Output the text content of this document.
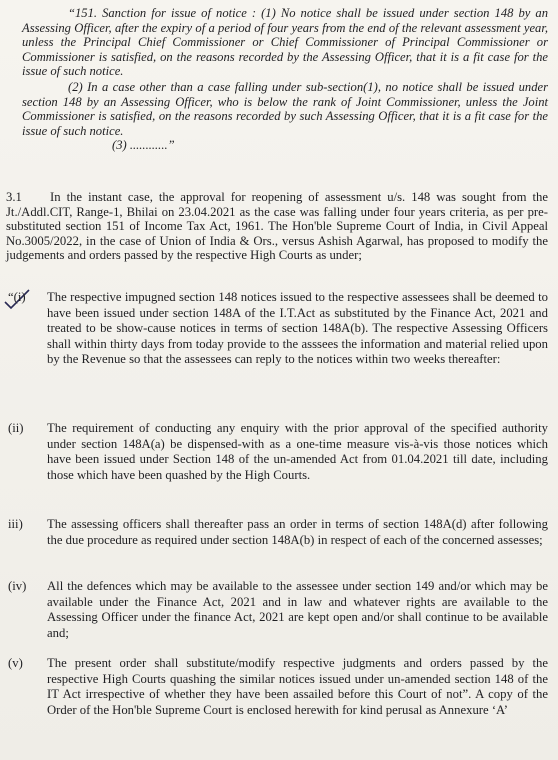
“151. Sanction for issue of notice : (1) No notice shall be issued under section 148 by an Assessing Officer, after the expiry of a period of four years from the end of the relevant assessment year, unless the Principal Chief Commissioner or Chief Commissioner of Principal Commissioner or Commissioner is satisfied, on the reasons recorded by the Assessing Officer, that it is a fit case for the issue of such notice.

(2) In a case other than a case falling under sub-section(1), no notice shall be issued under section 148 by an Assessing Officer, who is below the rank of Joint Commissioner, unless the Joint Commissioner is satisfied, on the reasons recorded by such Assessing Officer, that it is a fit case for the issue of such notice.

(3) ............”

3.1 In the instant case, the approval for reopening of assessment u/s. 148 was sought from the Jt./Addl.CIT, Range-1, Bhilai on 23.04.2021 as the case was falling under four years criteria, as per pre-substituted section 151 of Income Tax Act, 1961. The Hon'ble Supreme Court of India, in Civil Appeal No.3005/2022, in the case of Union of India & Ors., versus Ashish Agarwal, has proposed to modify the judgements and orders passed by the respective High Courts as under;
“(i)	The respective impugned section 148 notices issued to the respective assessees shall be deemed to have been issued under section 148A of the I.T.Act as substituted by the Finance Act, 2021 and treated to be show-cause notices in terms of section 148A(b). The respective Assessing Officers shall within thirty days from today provide to the asssees the information and material relied upon by the Revenue so that the assessees can reply to the notices within two weeks thereafter:
(ii)	The requirement of conducting any enquiry with the prior approval of the specified authority under section 148A(a) be dispensed-with as a one-time measure vis-à-vis those notices which have been issued under Section 148 of the un-amended Act from 01.04.2021 till date, including those which have been quashed by the High Courts.
iii)	The assessing officers shall thereafter pass an order in terms of section 148A(d) after following the due procedure as required under section 148A(b) in respect of each of the concerned assesses;
(iv)	All the defences which may be available to the assessee under section 149 and/or which may be available under the Finance Act, 2021 and in law and whatever rights are available to the Assessing Officer under the finance Act, 2021 are kept open and/or shall continue to be available and;
(v)	The present order shall substitute/modify respective judgments and orders passed by the respective High Courts quashing the similar notices issued under un-amended section 148 of the IT Act irrespective of whether they have been assailed before this Court of not”. A copy of the Order of the Hon'ble Supreme Court is enclosed herewith for kind perusal as Annexure ‘A’
